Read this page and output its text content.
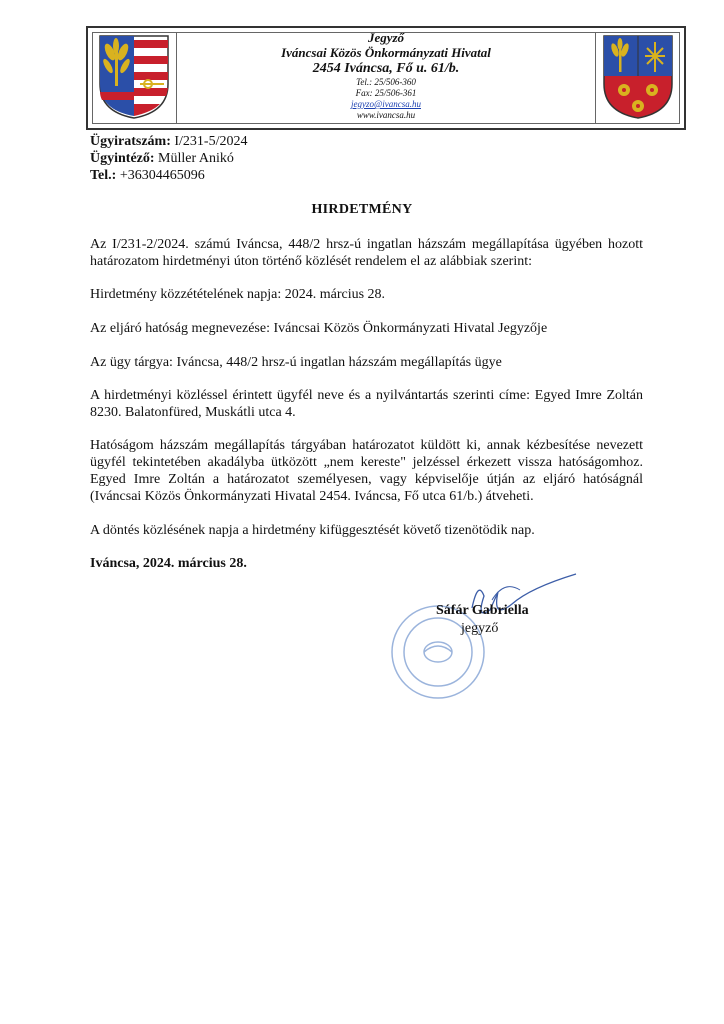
Jegyző
Iváncsai Közös Önkormányzati Hivatal
2454 Iváncsa, Fő u. 61/b.
Tel.: 25/506-360
Fax: 25/506-361
jegyzo@ivancsa.hu
www.ivancsa.hu
Ügyiratszám: I/231-5/2024
Ügyintéző: Müller Anikó
Tel.: +36304465096
HIRDETMÉNY
Az I/231-2/2024. számú Iváncsa, 448/2 hrsz-ú ingatlan házszám megállapítása ügyében hozott határozatom hirdetményi úton történő közlését rendelem el az alábbiak szerint:
Hirdetmény közzétételének napja: 2024. március 28.
Az eljáró hatóság megnevezése: Iváncsai Közös Önkormányzati Hivatal Jegyzője
Az ügy tárgya: Iváncsa, 448/2 hrsz-ú ingatlan házszám megállapítás ügye
A hirdetményi közléssel érintett ügyfél neve és a nyilvántartás szerinti címe: Egyed Imre Zoltán 8230. Balatonfüred, Muskátli utca 4.
Hatóságom házszám megállapítás tárgyában határozatot küldött ki, annak kézbesítése nevezett ügyfél tekintetében akadályba ütközött „nem kereste" jelzéssel érkezett vissza hatóságomhoz. Egyed Imre Zoltán a határozatot személyesen, vagy képviselője útján az eljáró hatóságnál (Iváncsai Közös Önkormányzati Hivatal 2454. Iváncsa, Fő utca 61/b.) átveheti.
A döntés közlésének napja a hirdetmény kifüggesztését követő tizenötödik nap.
Iváncsa, 2024. március 28.
Sáfár Gabriella
jegyző
